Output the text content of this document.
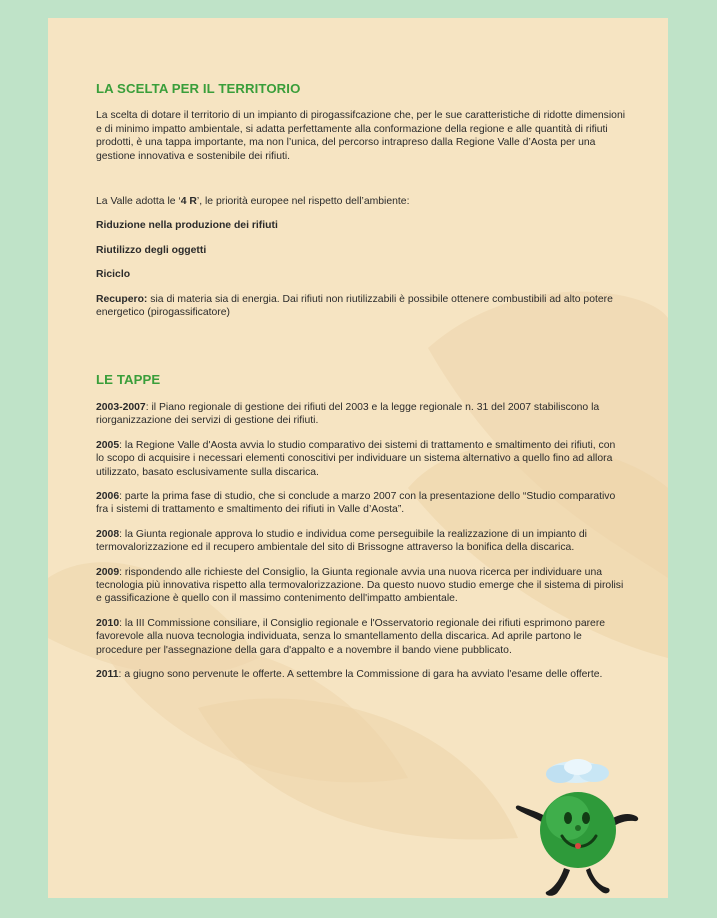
LA SCELTA PER IL TERRITORIO

La scelta di dotare il territorio di un impianto di pirogassifcazione che, per le sue caratteristiche di ridotte dimensioni e di minimo impatto ambientale, si adatta perfettamente alla conformazione della regione e alle quantità di rifiuti prodotti, è una tappa importante, ma non l’unica, del percorso intrapreso dalla Regione Valle d’Aosta per una gestione innovativa e sostenibile dei rifiuti.

La Valle adotta le ‘4 R’, le priorità europee nel rispetto dell’ambiente:

Riduzione nella produzione dei rifiuti

Riutilizzo degli oggetti

Riciclo

Recupero: sia di materia sia di energia. Dai rifiuti non riutilizzabili è possibile ottenere combustibili ad alto potere energetico (pirogassificatore)

LE TAPPE

2003-2007: il Piano regionale di gestione dei rifiuti del 2003 e la legge regionale n. 31 del 2007 stabiliscono la riorganizzazione dei servizi di gestione dei rifiuti.

2005: la Regione Valle d'Aosta avvia lo studio comparativo dei sistemi di trattamento e smaltimento dei rifiuti, con lo scopo di acquisire i necessari elementi conoscitivi per individuare un sistema alternativo a quello fino ad allora utilizzato, basato esclusivamente sulla discarica.

2006: parte la prima fase di studio, che si conclude a marzo 2007 con la presentazione dello “Studio comparativo fra i sistemi di trattamento e smaltimento dei rifiuti in Valle d’Aosta”.

2008: la Giunta regionale approva lo studio e individua come perseguibile la realizzazione di un impianto di termovalorizzazione ed il recupero ambientale del sito di Brissogne attraverso la bonifica della discarica.

2009: rispondendo alle richieste del Consiglio, la Giunta regionale avvia una nuova ricerca per individuare una tecnologia più innovativa rispetto alla termovalorizzazione. Da questo nuovo studio emerge che il sistema di pirolisi e gassificazione è quello con il massimo contenimento dell'impatto ambientale.

2010: la III Commissione consiliare, il Consiglio regionale e l'Osservatorio regionale dei rifiuti esprimono parere favorevole alla nuova tecnologia individuata, senza lo smantellamento della discarica. Ad aprile partono le procedure per l'assegnazione della gara d'appalto e a novembre il bando viene pubblicato.

2011: a giugno sono pervenute le offerte. A settembre la Commissione di gara ha avviato l'esame delle offerte.
